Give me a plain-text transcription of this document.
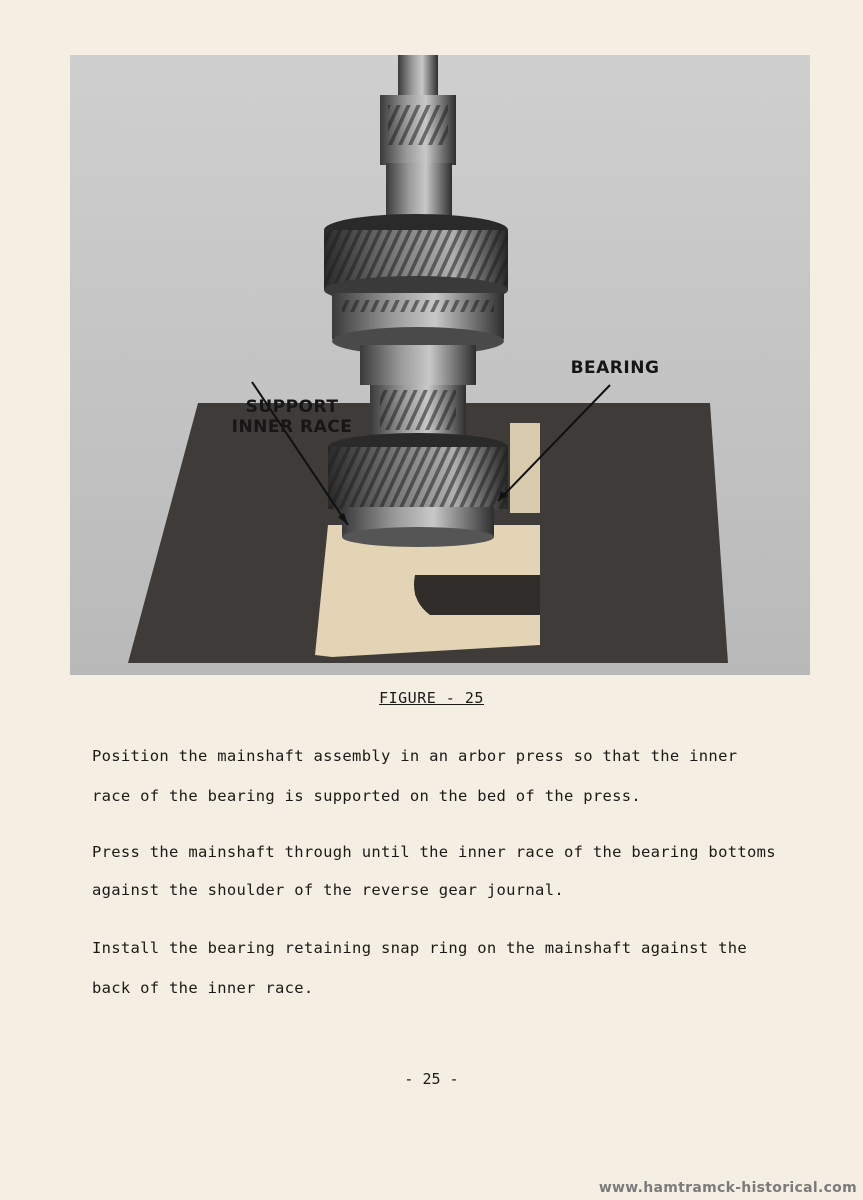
SUPPORT
INNER RACE
BEARING
FIGURE - 25

Position the mainshaft assembly in an arbor press so that the inner
race of the bearing is supported on the bed of the press.

Press the mainshaft through until the inner race of the bearing bottoms
against the shoulder of the reverse gear journal.

Install the bearing retaining snap ring on the mainshaft against the
back of the inner race.

- 25 -
www.hamtramck-historical.com
